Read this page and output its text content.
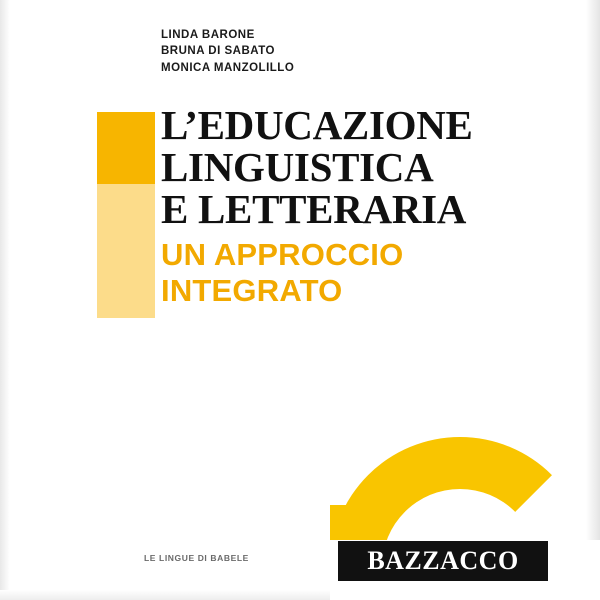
LINDA BARONE
BRUNA DI SABATO
MONICA MANZOLILLO
L’EDUCAZIONE
LINGUISTICA
E LETTERARIA
UN APPROCCIO
INTEGRATO
BAZZACCO
LE LINGUE DI BABELE
